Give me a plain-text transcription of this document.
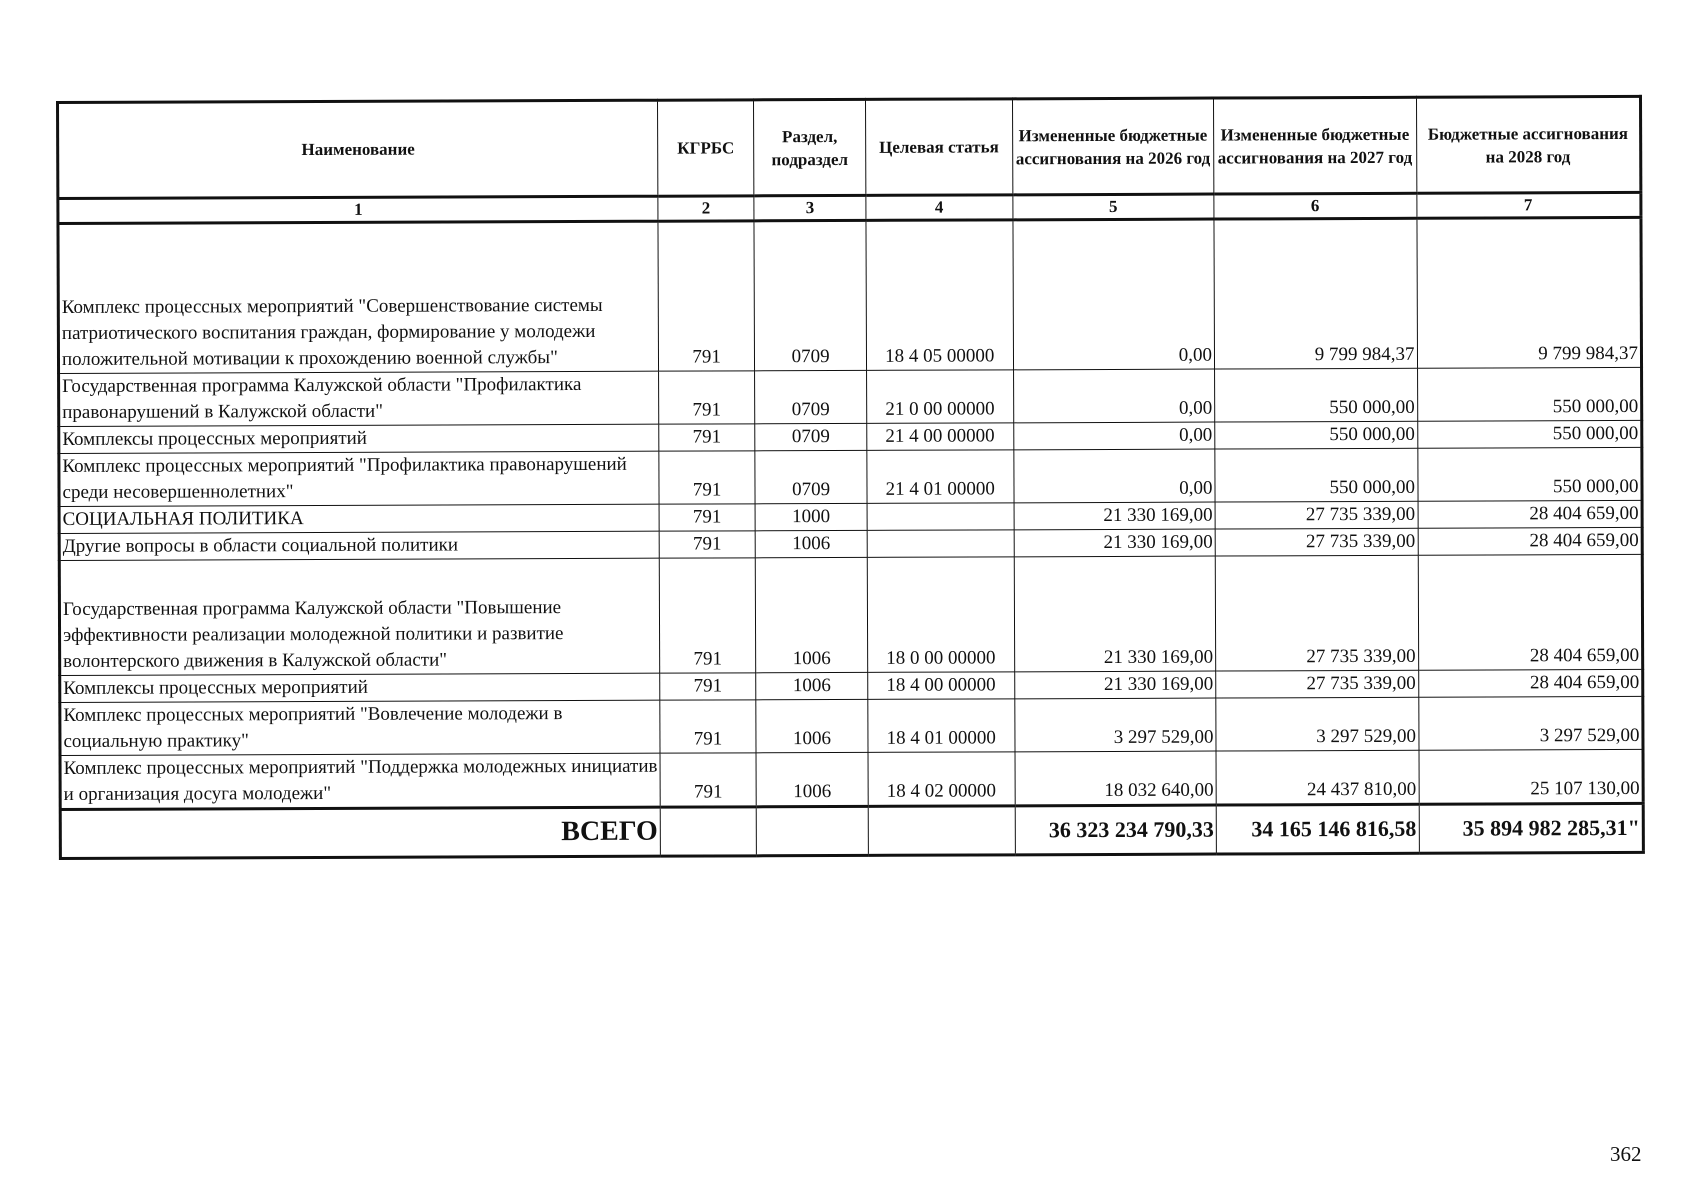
Наименование	КГРБС	Раздел, подраздел	Целевая статья	Измененные бюджетные ассигнования на 2026 год	Измененные бюджетные ассигнования на 2027 год	Бюджетные ассигнования на 2028 год
1	2	3	4	5	6	7
Комплекс процессных мероприятий "Совершенствование системы патриотического воспитания граждан, формирование у молодежи положительной мотивации к прохождению военной службы"	791	0709	18 4 05 00000	0,00	9 799 984,37	9 799 984,37
Государственная программа Калужской области "Профилактика правонарушений в Калужской области"	791	0709	21 0 00 00000	0,00	550 000,00	550 000,00
Комплексы процессных мероприятий	791	0709	21 4 00 00000	0,00	550 000,00	550 000,00
Комплекс процессных мероприятий "Профилактика правонарушений среди несовершеннолетних"	791	0709	21 4 01 00000	0,00	550 000,00	550 000,00
СОЦИАЛЬНАЯ ПОЛИТИКА	791	1000		21 330 169,00	27 735 339,00	28 404 659,00
Другие вопросы в области социальной политики	791	1006		21 330 169,00	27 735 339,00	28 404 659,00
Государственная программа Калужской области "Повышение эффективности реализации молодежной политики и развитие волонтерского движения в Калужской области"	791	1006	18 0 00 00000	21 330 169,00	27 735 339,00	28 404 659,00
Комплексы процессных мероприятий	791	1006	18 4 00 00000	21 330 169,00	27 735 339,00	28 404 659,00
Комплекс процессных мероприятий "Вовлечение молодежи в социальную практику"	791	1006	18 4 01 00000	3 297 529,00	3 297 529,00	3 297 529,00
Комплекс процессных мероприятий "Поддержка молодежных инициатив и организация досуга молодежи"	791	1006	18 4 02 00000	18 032 640,00	24 437 810,00	25 107 130,00
ВСЕГО				36 323 234 790,33	34 165 146 816,58	35 894 982 285,31"
362
